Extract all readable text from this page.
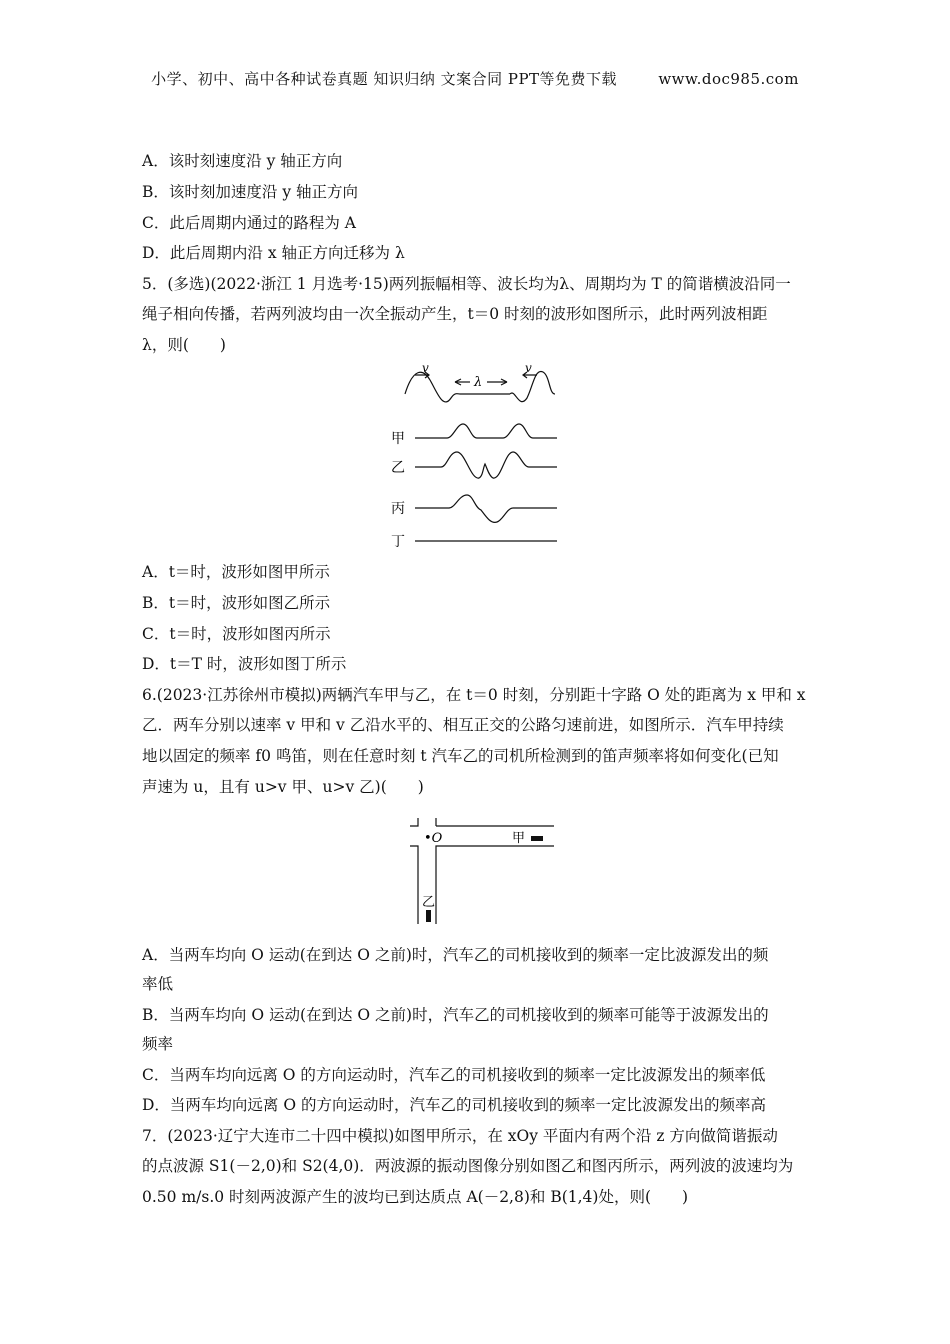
小学、初中、高中各种试卷真题 知识归纳 文案合同 PPT等免费下载	www.doc985.com
A．该时刻速度沿 y 轴正方向
B．该时刻加速度沿 y 轴正方向
C．此后周期内通过的路程为 A
D．此后周期内沿 x 轴正方向迁移为 λ
5．(多选)(2022·浙江 1 月选考·15)两列振幅相等、波长均为λ、周期均为 T 的简谐横波沿同一
绳子相向传播，若两列波均由一次全振动产生，t＝0 时刻的波形如图所示，此时两列波相距
λ，则(　　)
v
λ
v
甲
乙
丙
丁
A．t＝时，波形如图甲所示
B．t＝时，波形如图乙所示
C．t＝时，波形如图丙所示
D．t＝T 时，波形如图丁所示
6.(2023·江苏徐州市模拟)两辆汽车甲与乙，在 t＝0 时刻，分别距十字路 O 处的距离为 x 甲和 x
乙．两车分别以速率 v 甲和 v 乙沿水平的、相互正交的公路匀速前进，如图所示．汽车甲持续
地以固定的频率 f0 鸣笛，则在任意时刻 t 汽车乙的司机所检测到的笛声频率将如何变化(已知
声速为 u，且有 u>v 甲、u>v 乙)(　　)
•O	甲
乙
A．当两车均向 O 运动(在到达 O 之前)时，汽车乙的司机接收到的频率一定比波源发出的频
率低
B．当两车均向 O 运动(在到达 O 之前)时，汽车乙的司机接收到的频率可能等于波源发出的
频率
C．当两车均向远离 O 的方向运动时，汽车乙的司机接收到的频率一定比波源发出的频率低
D．当两车均向远离 O 的方向运动时，汽车乙的司机接收到的频率一定比波源发出的频率高
7．(2023·辽宁大连市二十四中模拟)如图甲所示，在 xOy 平面内有两个沿 z 方向做简谐振动
的点波源 S1(－2,0)和 S2(4,0)．两波源的振动图像分别如图乙和图丙所示，两列波的波速均为
0.50 m/s.0 时刻两波源产生的波均已到达质点 A(－2,8)和 B(1,4)处，则(　　)
